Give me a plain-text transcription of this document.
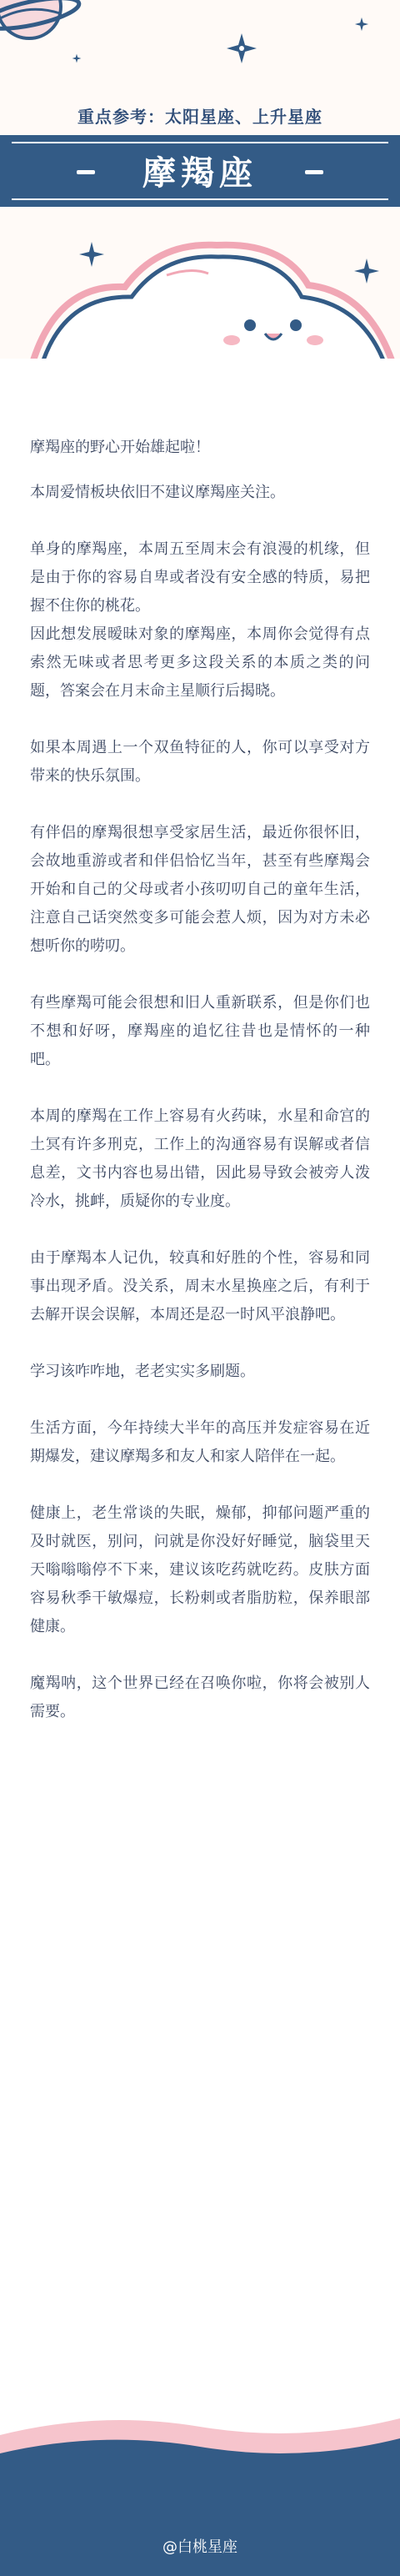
重点参考：太阳星座、上升星座
摩羯座

摩羯座的野心开始雄起啦！

本周爱情板块依旧不建议摩羯座关注。

单身的摩羯座，本周五至周末会有浪漫的机缘，但是由于你的容易自卑或者没有安全感的特质，易把握不住你的桃花。

因此想发展暧昧对象的摩羯座，本周你会觉得有点索然无味或者思考更多这段关系的本质之类的问题，答案会在月末命主星顺行后揭晓。

如果本周遇上一个双鱼特征的人，你可以享受对方带来的快乐氛围。

有伴侣的摩羯很想享受家居生活，最近你很怀旧，会故地重游或者和伴侣恰忆当年，甚至有些摩羯会开始和自己的父母或者小孩叨叨自己的童年生活，注意自己话突然变多可能会惹人烦，因为对方未必想听你的唠叨。

有些摩羯可能会很想和旧人重新联系，但是你们也不想和好呀，摩羯座的追忆往昔也是情怀的一种吧。

本周的摩羯在工作上容易有火药味，水星和命宫的土冥有许多刑克，工作上的沟通容易有误解或者信息差，文书内容也易出错，因此易导致会被旁人泼冷水，挑衅，质疑你的专业度。

由于摩羯本人记仇，较真和好胜的个性，容易和同事出现矛盾。没关系，周末水星换座之后，有利于去解开误会误解，本周还是忍一时风平浪静吧。

学习该咋咋地，老老实实多刷题。

生活方面，今年持续大半年的高压并发症容易在近期爆发，建议摩羯多和友人和家人陪伴在一起。

健康上，老生常谈的失眠，燥郁，抑郁问题严重的及时就医，别问，问就是你没好好睡觉，脑袋里天天嗡嗡嗡停不下来，建议该吃药就吃药。皮肤方面容易秋季干敏爆痘，长粉刺或者脂肪粒，保养眼部健康。

魔羯呐，这个世界已经在召唤你啦，你将会被别人需要。

@白桃星座
